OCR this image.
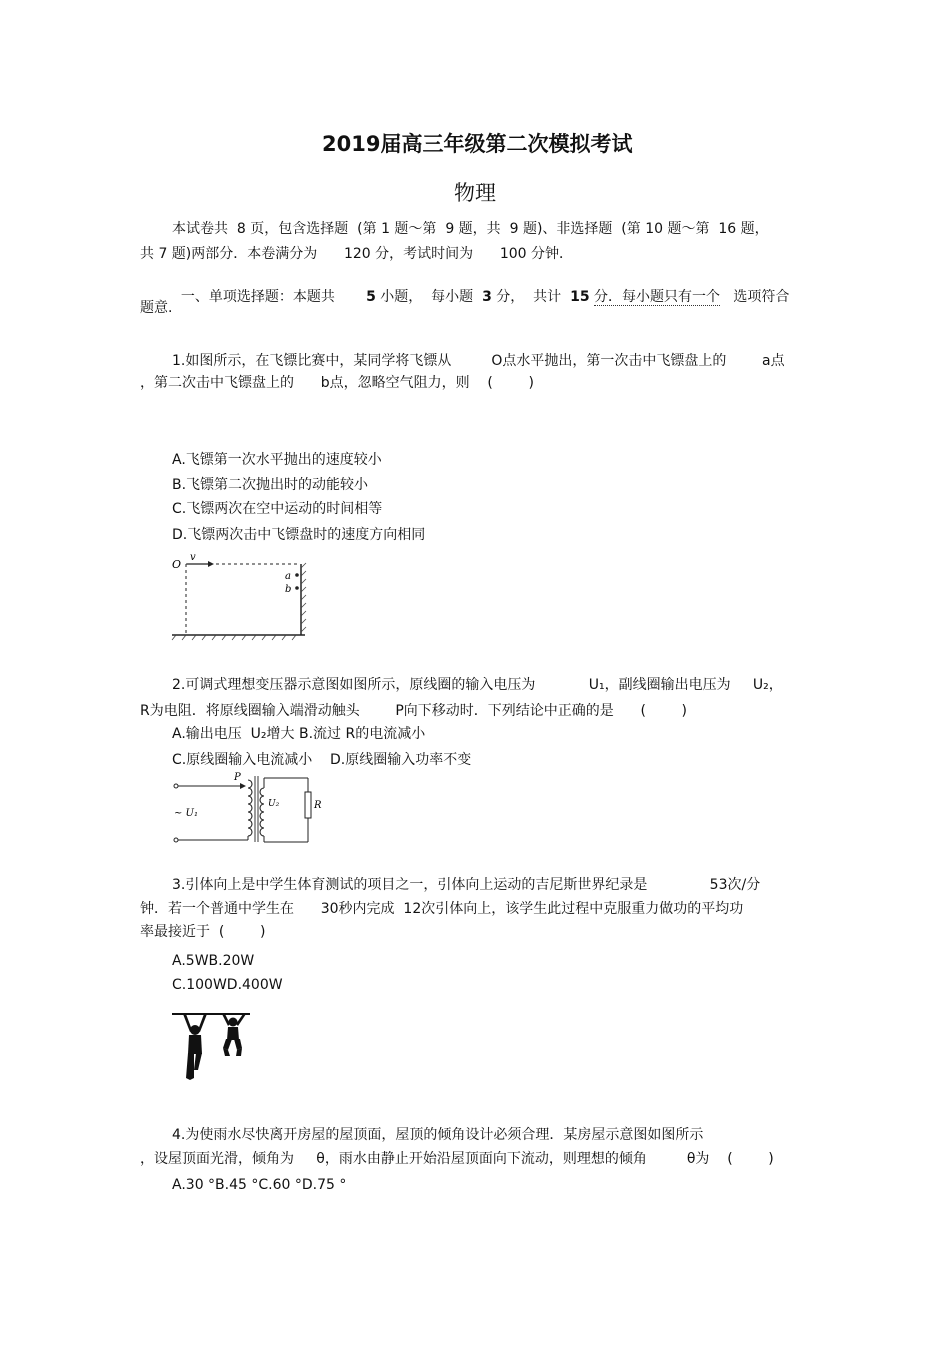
2019届高三年级第二次模拟考试
物理
本试卷共  8 页，包含选择题  (第 1 题～第  9 题，共  9 题)、非选择题  (第 10 题～第  16 题，
共 7 题)两部分．本卷满分为      120 分，考试时间为      100 分钟．

一、单项选择题：本题共 5 小题，  每小题 3 分，  共计 15 分．每小题只有一个 选项符合

题意.
1.如图所示，在飞镖比赛中，某同学将飞镖从         O点水平抛出，第一次击中飞镖盘上的        a点
，第二次击中飞镖盘上的      b点，忽略空气阻力，则    (        )
A.飞镖第一次水平抛出的速度较小
B.飞镖第二次抛出时的动能较小
C.飞镖两次在空中运动的时间相等
D.飞镖两次击中飞镖盘时的速度方向相同
O
v
a
b
2.可调式理想变压器示意图如图所示，原线圈的输入电压为            U₁，副线圈输出电压为     U₂，
R为电阻．将原线圈输入端滑动触头        P向下移动时．下列结论中正确的是      (        )
A.输出电压  U₂增大 B.流过 R的电流减小
C.原线圈输入电流减小    D.原线圈输入功率不变
P
~ U₁
U₂	R
3.引体向上是中学生体育测试的项目之一，引体向上运动的吉尼斯世界纪录是              53次/分
钟．若一个普通中学生在      30秒内完成  12次引体向上，该学生此过程中克服重力做功的平均功
率最接近于  (        )
A.5WB.20W
C.100WD.400W
4.为使雨水尽快离开房屋的屋顶面，屋顶的倾角设计必须合理．某房屋示意图如图所示
，设屋顶面光滑，倾角为     θ，雨水由静止开始沿屋顶面向下流动，则理想的倾角         θ为    (        )
A.30 °B.45 °C.60 °D.75 °
